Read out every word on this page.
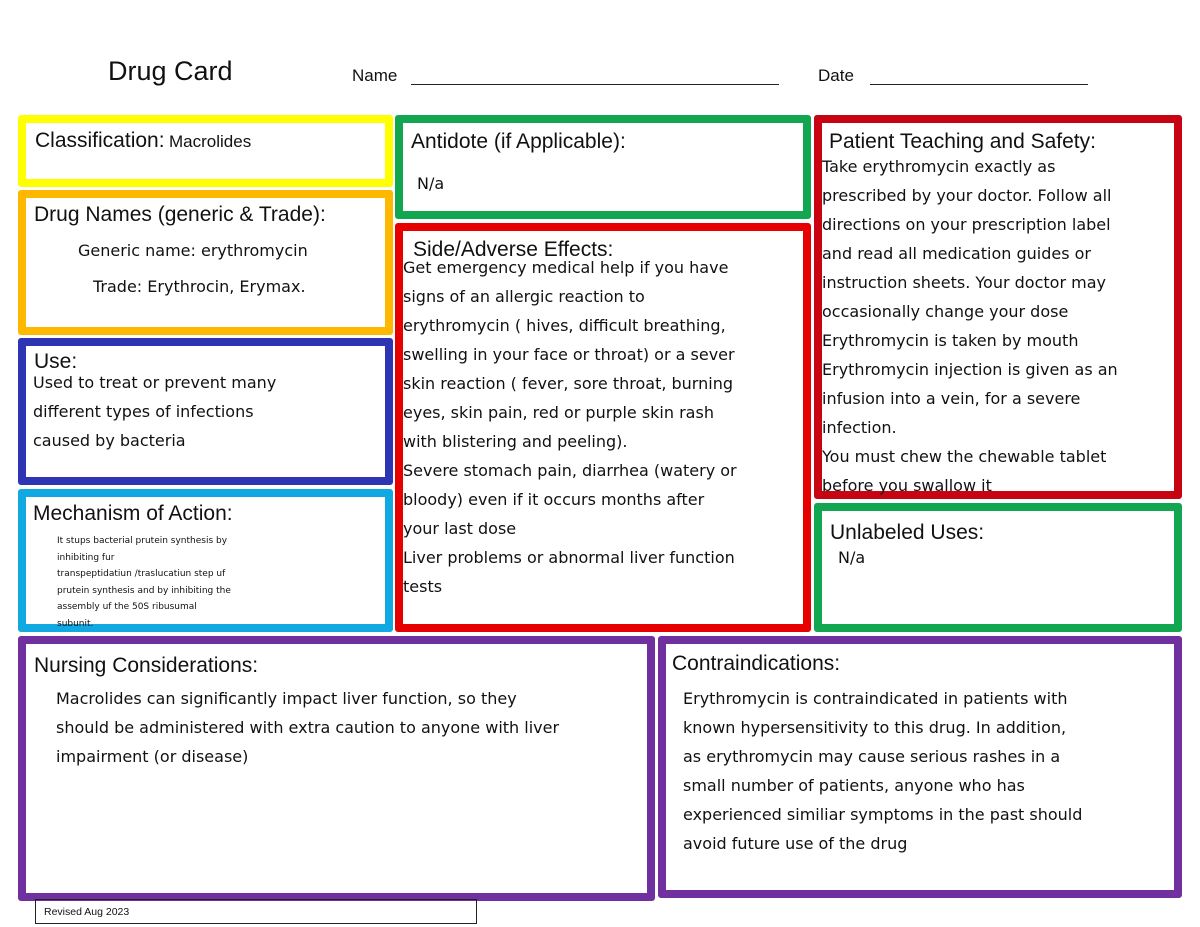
Drug Card	Name	Date
Classification: Macrolides
Drug Names (generic & Trade):
Generic name: erythromycin
Trade: Erythrocin, Erymax.
Use:
Used to treat or prevent many
different types of infections
caused by bacteria
Mechanism of Action:
It stups bacterial prutein synthesis by
inhibiting fur
transpeptidatiun /traslucatiun step uf
prutein synthesis and by inhibiting the
assembly uf the 50S ribusumal
subunit.
Antidote (if Applicable):
N/a
Side/Adverse Effects:
Get emergency medical help if you have
signs of an allergic reaction to
erythromycin ( hives, difficult breathing,
swelling in your face or throat) or a sever
skin reaction ( fever, sore throat, burning
eyes, skin pain, red or purple skin rash
with blistering and peeling).
Severe stomach pain, diarrhea (watery or
bloody) even if it occurs months after
your last dose
Liver problems or abnormal liver function
tests
Patient Teaching and Safety:
Take erythromycin exactly as
prescribed by your doctor. Follow all
directions on your prescription label
and read all medication guides or
instruction sheets. Your doctor may
occasionally change your dose
Erythromycin is taken by mouth
Erythromycin injection is given as an
infusion into a vein, for a severe
infection.
You must chew the chewable tablet
before you swallow it
Unlabeled Uses:
N/a
Nursing Considerations:
Macrolides can significantly impact liver function, so they
should be administered with extra caution to anyone with liver
impairment (or disease)
Contraindications:
Erythromycin is contraindicated in patients with
known hypersensitivity to this drug. In addition,
as erythromycin may cause serious rashes in a
small number of patients, anyone who has
experienced similiar symptoms in the past should
avoid future use of the drug
Revised Aug 2023
